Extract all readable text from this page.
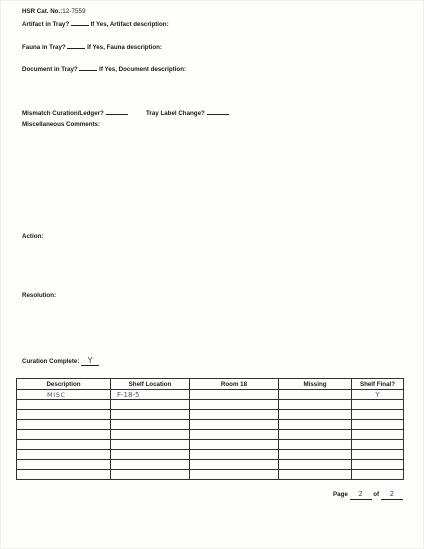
HSR Cat. No.:12-7559
Artifact in Tray?	If Yes, Artifact description:
Fauna in Tray?	If Yes, Fauna description:
Document in Tray?	If Yes, Document description:
Mismatch Curation/Ledger?	Tray Label Change?
Miscellaneous Comments:
Action:
Resolution:
Curation Complete: Y
Description	Shelf Location	Room 18	Missing	Shelf Final?
MISC	F-18-5			Y

Page 2 of 2
